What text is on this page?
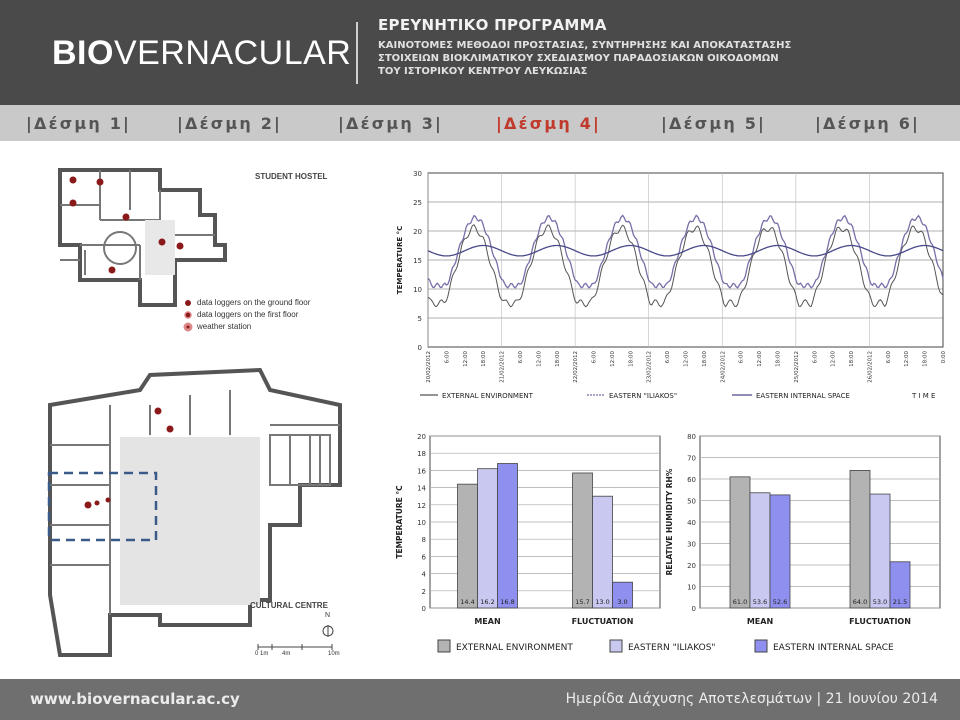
BIOVERNACULAR
ΕΡΕΥΝΗΤΙΚΟ ΠΡΟΓΡΑΜΜΑ
ΚΑΙΝΟΤΟΜΕΣ ΜΕΘΟΔΟΙ ΠΡΟΣΤΑΣΙΑΣ, ΣΥΝΤΗΡΗΣΗΣ ΚΑΙ ΑΠΟΚΑΤΑΣΤΑΣΗΣ
ΣΤΟΙΧΕΙΩΝ ΒΙΟΚΛΙΜΑΤΙΚΟΥ ΣΧΕΔΙΑΣΜΟΥ ΠΑΡΑΔΟΣΙΑΚΩΝ ΟΙΚΟΔΟΜΩΝ
ΤΟΥ ΙΣΤΟΡΙΚΟΥ ΚΕΝΤΡΟΥ ΛΕΥΚΩΣΙΑΣ
|Δέσμη 1|	|Δέσμη 2|	|Δέσμη 3|	|Δέσμη 4|	|Δέσμη 5|	|Δέσμη 6|
STUDENT HOSTEL
data loggers on the ground floor
data loggers on the first floor
weather station
CULTURAL CENTRE
0 1m 4m	10m
N
0
5
10
15
20
25
30
TEMPERATURE °C
20/02/2012 6:00 12:00 18:00 21/02/2012 6:00 12:00 18:00 22/02/2012 6:00 12:00 18:00 23/02/2012 6:00 12:00 18:00 24/02/2012 6:00 12:00 18:00 25/02/2012 6:00 12:00 18:00 26/02/2012 6:00 12:00 18:00 0:00
EXTERNAL ENVIRONMENT	EASTERN "ILIAKOS"	EASTERN INTERNAL SPACE	T I M E
0
2
4
6
8
10
12
14
16
18
20
TEMPERATURE °C
14.4 16.2 16.8
MEAN
15.7 13.0 3.0
FLUCTUATION
0
10
20
30
40
50
60
70
80
RELATIVE HUMIDITY RH%
61.0 53.6 52.6
MEAN
64.0 53.0 21.5
FLUCTUATION
EXTERNAL ENVIRONMENT	EASTERN "ILIAKOS"	EASTERN INTERNAL SPACE
www.biovernacular.ac.cy	Ημερίδα Διάχυσης Αποτελεσμάτων | 21 Ιουνίου 2014
